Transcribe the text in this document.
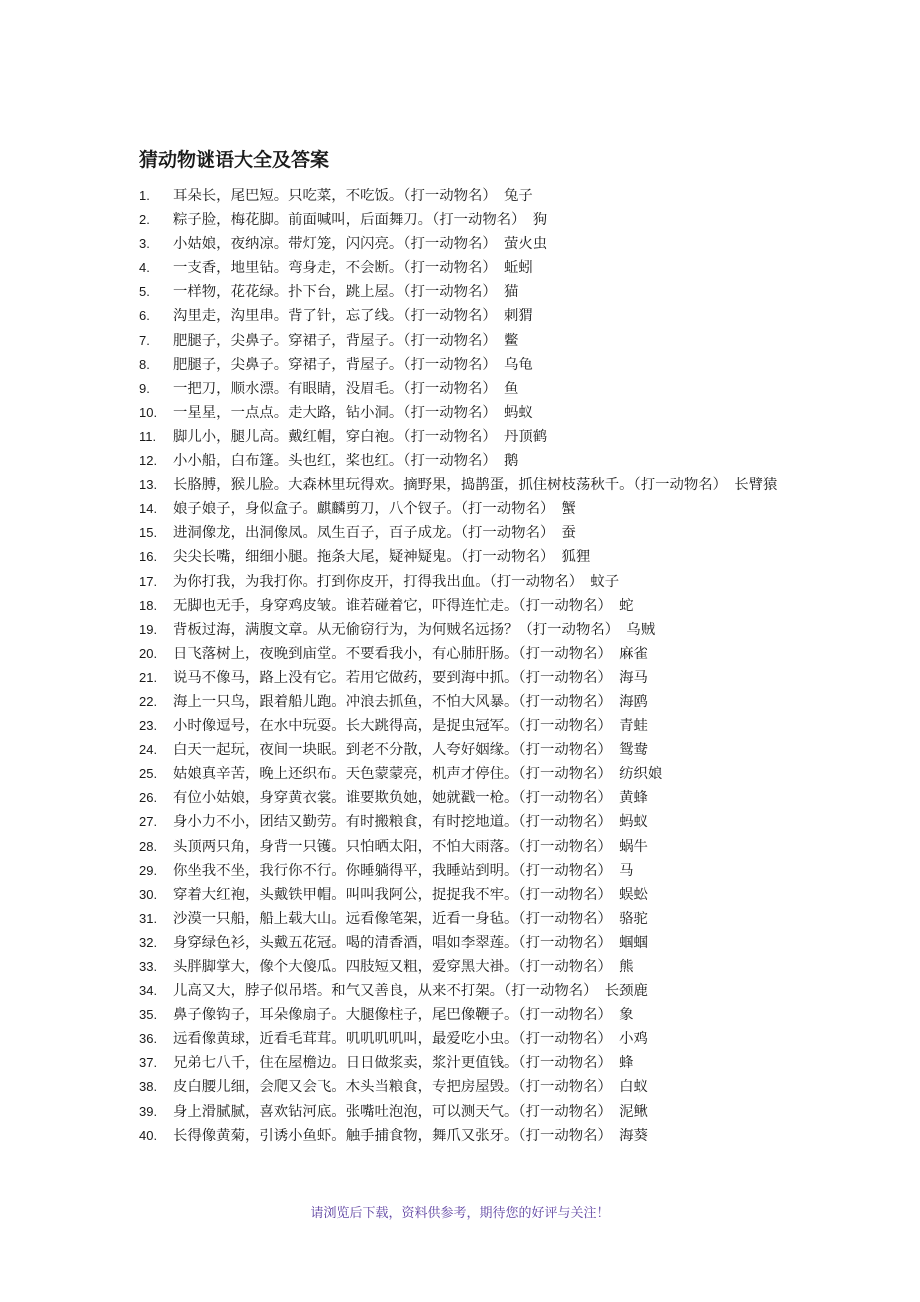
猜动物谜语大全及答案
1.	耳朵长，尾巴短。只吃菜，不吃饭。（打一动物名）　兔子
2.	粽子脸，梅花脚。前面喊叫，后面舞刀。（打一动物名）　狗
3.	小姑娘，夜纳凉。带灯笼，闪闪亮。（打一动物名）　萤火虫
4.	一支香，地里钻。弯身走，不会断。（打一动物名）　蚯蚓
5.	一样物，花花绿。扑下台，跳上屋。（打一动物名）　猫
6.	沟里走，沟里串。背了针，忘了线。（打一动物名）　刺猬
7.	肥腿子，尖鼻子。穿裙子，背屋子。（打一动物名）　鳖
8.	肥腿子，尖鼻子。穿裙子，背屋子。（打一动物名）　乌龟
9.	一把刀，顺水漂。有眼睛，没眉毛。（打一动物名）　鱼
10.	一星星，一点点。走大路，钻小洞。（打一动物名）　蚂蚁
11.	脚儿小，腿儿高。戴红帽，穿白袍。（打一动物名）　丹顶鹤
12.	小小船，白布篷。头也红，桨也红。（打一动物名）　鹅
13.	长胳膊，猴儿脸。大森林里玩得欢。摘野果，捣鹊蛋，抓住树枝荡秋千。（打一动物名）　长臂猿
14.	娘子娘子，身似盒子。麒麟剪刀，八个钗子。（打一动物名）　蟹
15.	进洞像龙，出洞像凤。凤生百子，百子成龙。（打一动物名）　蚕
16.	尖尖长嘴，细细小腿。拖条大尾，疑神疑鬼。（打一动物名）　狐狸
17.	为你打我，为我打你。打到你皮开，打得我出血。（打一动物名）　蚊子
18.	无脚也无手，身穿鸡皮皱。谁若碰着它，吓得连忙走。（打一动物名）　蛇
19.	背板过海，满腹文章。从无偷窃行为，为何贼名远扬？（打一动物名）　乌贼
20.	日飞落树上，夜晚到庙堂。不要看我小，有心肺肝肠。（打一动物名）　麻雀
21.	说马不像马，路上没有它。若用它做药，要到海中抓。（打一动物名）　海马
22.	海上一只鸟，跟着船儿跑。冲浪去抓鱼，不怕大风暴。（打一动物名）　海鸥
23.	小时像逗号，在水中玩耍。长大跳得高，是捉虫冠军。（打一动物名）　青蛙
24.	白天一起玩，夜间一块眠。到老不分散，人夸好姻缘。（打一动物名）　鸳鸯
25.	姑娘真辛苦，晚上还织布。天色蒙蒙亮，机声才停住。（打一动物名）　纺织娘
26.	有位小姑娘，身穿黄衣裳。谁要欺负她，她就戳一枪。（打一动物名）　黄蜂
27.	身小力不小，团结又勤劳。有时搬粮食，有时挖地道。（打一动物名）　蚂蚁
28.	头顶两只角，身背一只镬。只怕晒太阳，不怕大雨落。（打一动物名）　蜗牛
29.	你坐我不坐，我行你不行。你睡躺得平，我睡站到明。（打一动物名）　马
30.	穿着大红袍，头戴铁甲帽。叫叫我阿公，捉捉我不牢。（打一动物名）　蜈蚣
31.	沙漠一只船，船上载大山。远看像笔架，近看一身毡。（打一动物名）　骆驼
32.	身穿绿色衫，头戴五花冠。喝的清香酒，唱如李翠莲。（打一动物名）　蝈蝈
33.	头胖脚掌大，像个大傻瓜。四肢短又粗，爱穿黑大褂。（打一动物名）　熊
34.	儿高又大，脖子似吊塔。和气又善良，从来不打架。（打一动物名）　长颈鹿
35.	鼻子像钩子，耳朵像扇子。大腿像柱子，尾巴像鞭子。（打一动物名）　象
36.	远看像黄球，近看毛茸茸。叽叽叽叽叫，最爱吃小虫。（打一动物名）　小鸡
37.	兄弟七八千，住在屋檐边。日日做浆卖，浆汁更值钱。（打一动物名）　蜂
38.	皮白腰儿细，会爬又会飞。木头当粮食，专把房屋毁。（打一动物名）　白蚁
39.	身上滑腻腻，喜欢钻河底。张嘴吐泡泡，可以测天气。（打一动物名）　泥鳅
40.	长得像黄菊，引诱小鱼虾。触手捕食物，舞爪又张牙。（打一动物名）　海葵
请浏览后下载，资料供参考，期待您的好评与关注！
